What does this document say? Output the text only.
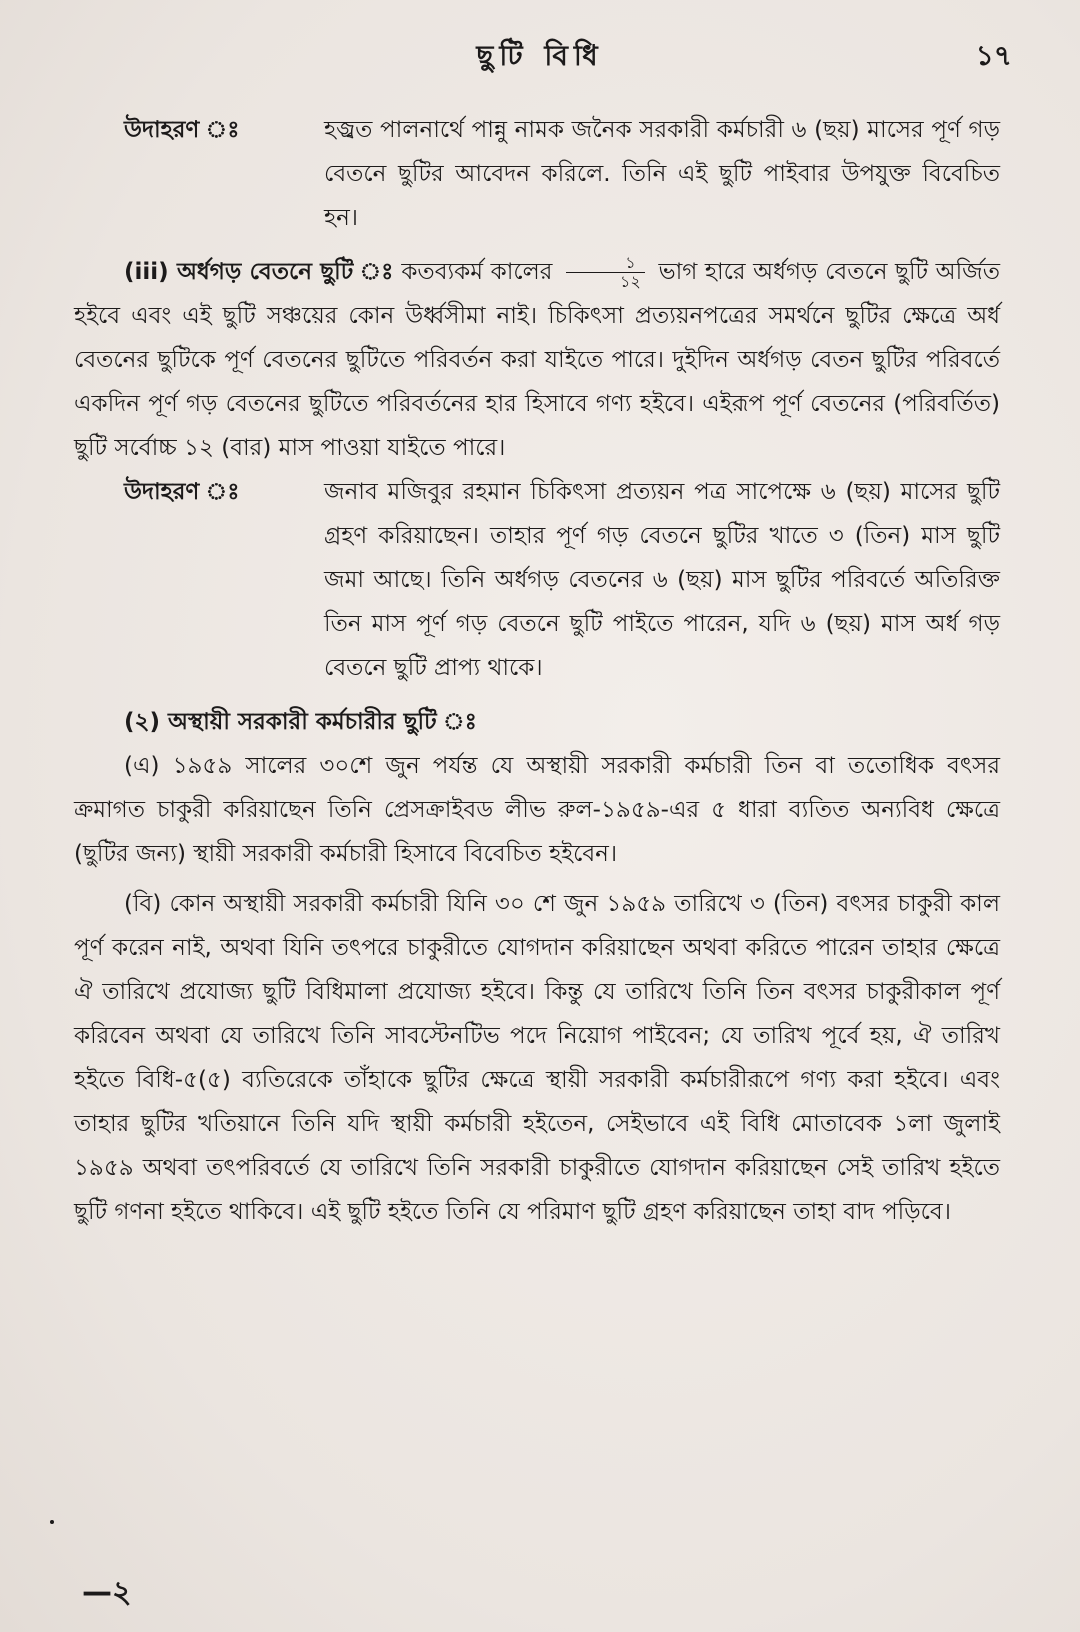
ছুটি বিধি	১৭
উদাহরণ ঃ	হজ্ব্রত পালনার্থে পান্নু নামক জনৈক সরকারী কর্মচারী ৬ (ছয়) মাসের পূর্ণ গড় বেতনে ছুটির আবেদন করিলে. তিনি এই ছুটি পাইবার উপযুক্ত বিবেচিত হন।

(iii) অর্ধগড় বেতনে ছুটি ঃ কতব্যকর্ম কালের $\frac{১}{১২}$ ভাগ হারে অর্ধগড় বেতনে ছুটি অর্জিত হইবে এবং এই ছুটি সঞ্চয়ের কোন উর্ধ্বসীমা নাই। চিকিৎসা প্রত্যয়নপত্রের সমর্থনে ছুটির ক্ষেত্রে অর্ধ বেতনের ছুটিকে পূর্ণ বেতনের ছুটিতে পরিবর্তন করা যাইতে পারে। দুইদিন অর্ধগড় বেতন ছুটির পরিবর্তে একদিন পূর্ণ গড় বেতনের ছুটিতে পরিবর্তনের হার হিসাবে গণ্য হইবে। এইরূপ পূর্ণ বেতনের (পরিবর্তিত) ছুটি সর্বোচ্চ ১২ (বার) মাস পাওয়া যাইতে পারে।

উদাহরণ ঃ	জনাব মজিবুর রহমান চিকিৎসা প্রত্যয়ন পত্র সাপেক্ষে ৬ (ছয়) মাসের ছুটি গ্রহণ করিয়াছেন। তাহার পূর্ণ গড় বেতনে ছুটির খাতে ৩ (তিন) মাস ছুটি জমা আছে। তিনি অর্ধগড় বেতনের ৬ (ছয়) মাস ছুটির পরিবর্তে অতিরিক্ত তিন মাস পূর্ণ গড় বেতনে ছুটি পাইতে পারেন, যদি ৬ (ছয়) মাস অর্ধ গড় বেতনে ছুটি প্রাপ্য থাকে।

(২) অস্থায়ী সরকারী কর্মচারীর ছুটি ঃ

(এ) ১৯৫৯ সালের ৩০শে জুন পর্যন্ত যে অস্থায়ী সরকারী কর্মচারী তিন বা ততোধিক বৎসর ক্রমাগত চাকুরী করিয়াছেন তিনি প্রেসক্রাইবড লীভ রুল-১৯৫৯-এর ৫ ধারা ব্যতিত অন্যবিধ ক্ষেত্রে (ছুটির জন্য) স্থায়ী সরকারী কর্মচারী হিসাবে বিবেচিত হইবেন।

(বি) কোন অস্থায়ী সরকারী কর্মচারী যিনি ৩০ শে জুন ১৯৫৯ তারিখে ৩ (তিন) বৎসর চাকুরী কাল পূর্ণ করেন নাই, অথবা যিনি তৎপরে চাকুরীতে যোগদান করিয়াছেন অথবা করিতে পারেন তাহার ক্ষেত্রে ঐ তারিখে প্রযোজ্য ছুটি বিধিমালা প্রযোজ্য হইবে। কিন্তু যে তারিখে তিনি তিন বৎসর চাকুরীকাল পূর্ণ করিবেন অথবা যে তারিখে তিনি সাবস্টেনটিভ পদে নিয়োগ পাইবেন; যে তারিখ পূর্বে হয়, ঐ তারিখ হইতে বিধি-৫(৫) ব্যতিরেকে তাঁহাকে ছুটির ক্ষেত্রে স্থায়ী সরকারী কর্মচারীরূপে গণ্য করা হইবে। এবং তাহার ছুটির খতিয়ানে তিনি যদি স্থায়ী কর্মচারী হইতেন, সেইভাবে এই বিধি মোতাবেক ১লা জুলাই ১৯৫৯ অথবা তৎপরিবর্তে যে তারিখে তিনি সরকারী চাকুরীতে যোগদান করিয়াছেন সেই তারিখ হইতে ছুটি গণনা হইতে থাকিবে। এই ছুটি হইতে তিনি যে পরিমাণ ছুটি গ্রহণ করিয়াছেন তাহা বাদ পড়িবে।

—২
